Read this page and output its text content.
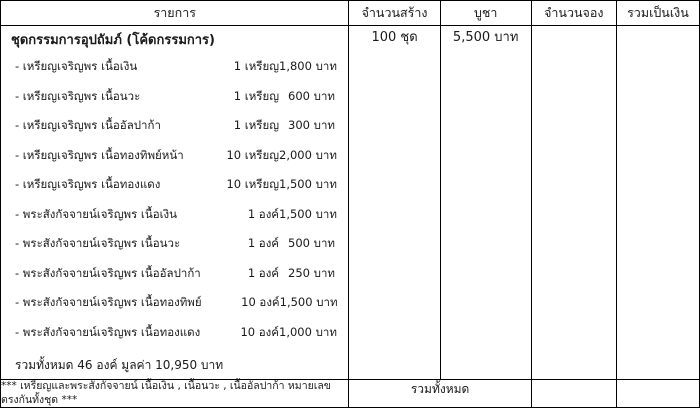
รายการ	จำนวนสร้าง	บูชา	จำนวนจอง	รวมเป็นเงิน

ชุดกรรมการอุปถัมภ์ (โค้ดกรรมการ)
- เหรียญเจริญพร เนื้อเงิน	1 เหรียญ 1,800 บาท
- เหรียญเจริญพร เนื้อนวะ	1 เหรียญ 600 บาท
- เหรียญเจริญพร เนื้ออัลปาก้า	1 เหรียญ 300 บาท
- เหรียญเจริญพร เนื้อทองทิพย์หน้า	10 เหรียญ 2,000 บาท
- เหรียญเจริญพร เนื้อทองแดง	10 เหรียญ 1,500 บาท
- พระสังกัจจายน์เจริญพร เนื้อเงิน	1 องค์ 1,500 บาท
- พระสังกัจจายน์เจริญพร เนื้อนวะ	1 องค์ 500 บาท
- พระสังกัจจายน์เจริญพร เนื้ออัลปาก้า	1 องค์ 250 บาท
- พระสังกัจจายน์เจริญพร เนื้อทองทิพย์	10 องค์ 1,500 บาท
- พระสังกัจจายน์เจริญพร เนื้อทองแดง	10 องค์ 1,000 บาท
รวมทั้งหมด 46 องค์ มูลค่า 10,950 บาท
	100 ชุด	5,500 บาท		
*** เหรียญและพระสังกัจจายน์ เนื้อเงิน , เนื้อนวะ , เนื้ออัลปาก้า หมายเลขตรงกันทั้งชุด ***	รวมทั้งหมด			
